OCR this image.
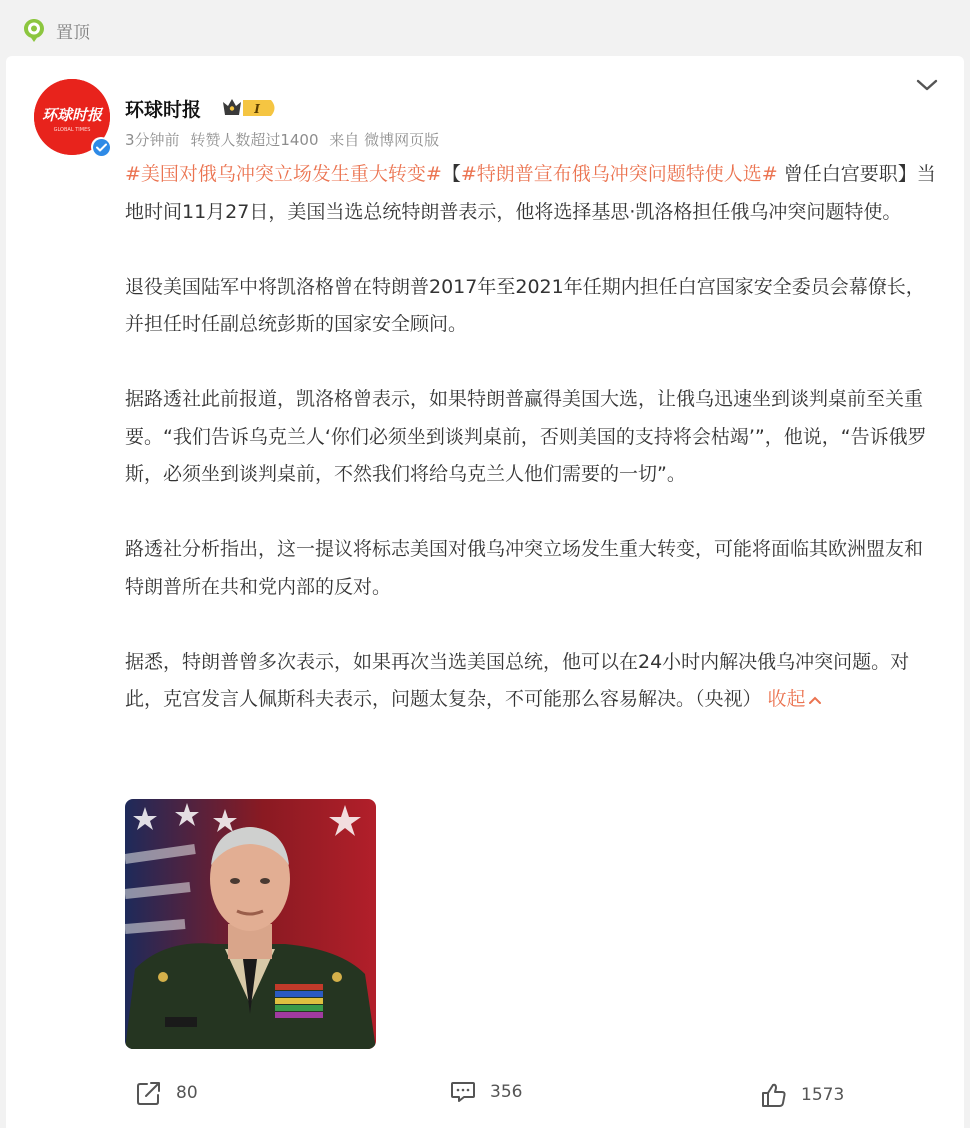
置顶
环球时报
GLOBAL TIMES
环球时报	I
3分钟前 转赞人数超过1400 来自 微博网页版

#美国对俄乌冲突立场发生重大转变#【#特朗普宣布俄乌冲突问题特使人选# 曾任白宫要职】当地时间11月27日，美国当选总统特朗普表示，他将选择基思·凯洛格担任俄乌冲突问题特使。

退役美国陆军中将凯洛格曾在特朗普2017年至2021年任期内担任白宫国家安全委员会幕僚长，并担任时任副总统彭斯的国家安全顾问。

据路透社此前报道，凯洛格曾表示，如果特朗普赢得美国大选，让俄乌迅速坐到谈判桌前至关重要。“我们告诉乌克兰人‘你们必须坐到谈判桌前，否则美国的支持将会枯竭’”，他说，“告诉俄罗斯，必须坐到谈判桌前，不然我们将给乌克兰人他们需要的一切”。

路透社分析指出，这一提议将标志美国对俄乌冲突立场发生重大转变，可能将面临其欧洲盟友和特朗普所在共和党内部的反对。

据悉，特朗普曾多次表示，如果再次当选美国总统，他可以在24小时内解决俄乌冲突问题。对此，克宫发言人佩斯科夫表示，问题太复杂，不可能那么容易解决。（央视） 收起

80	356	1573
